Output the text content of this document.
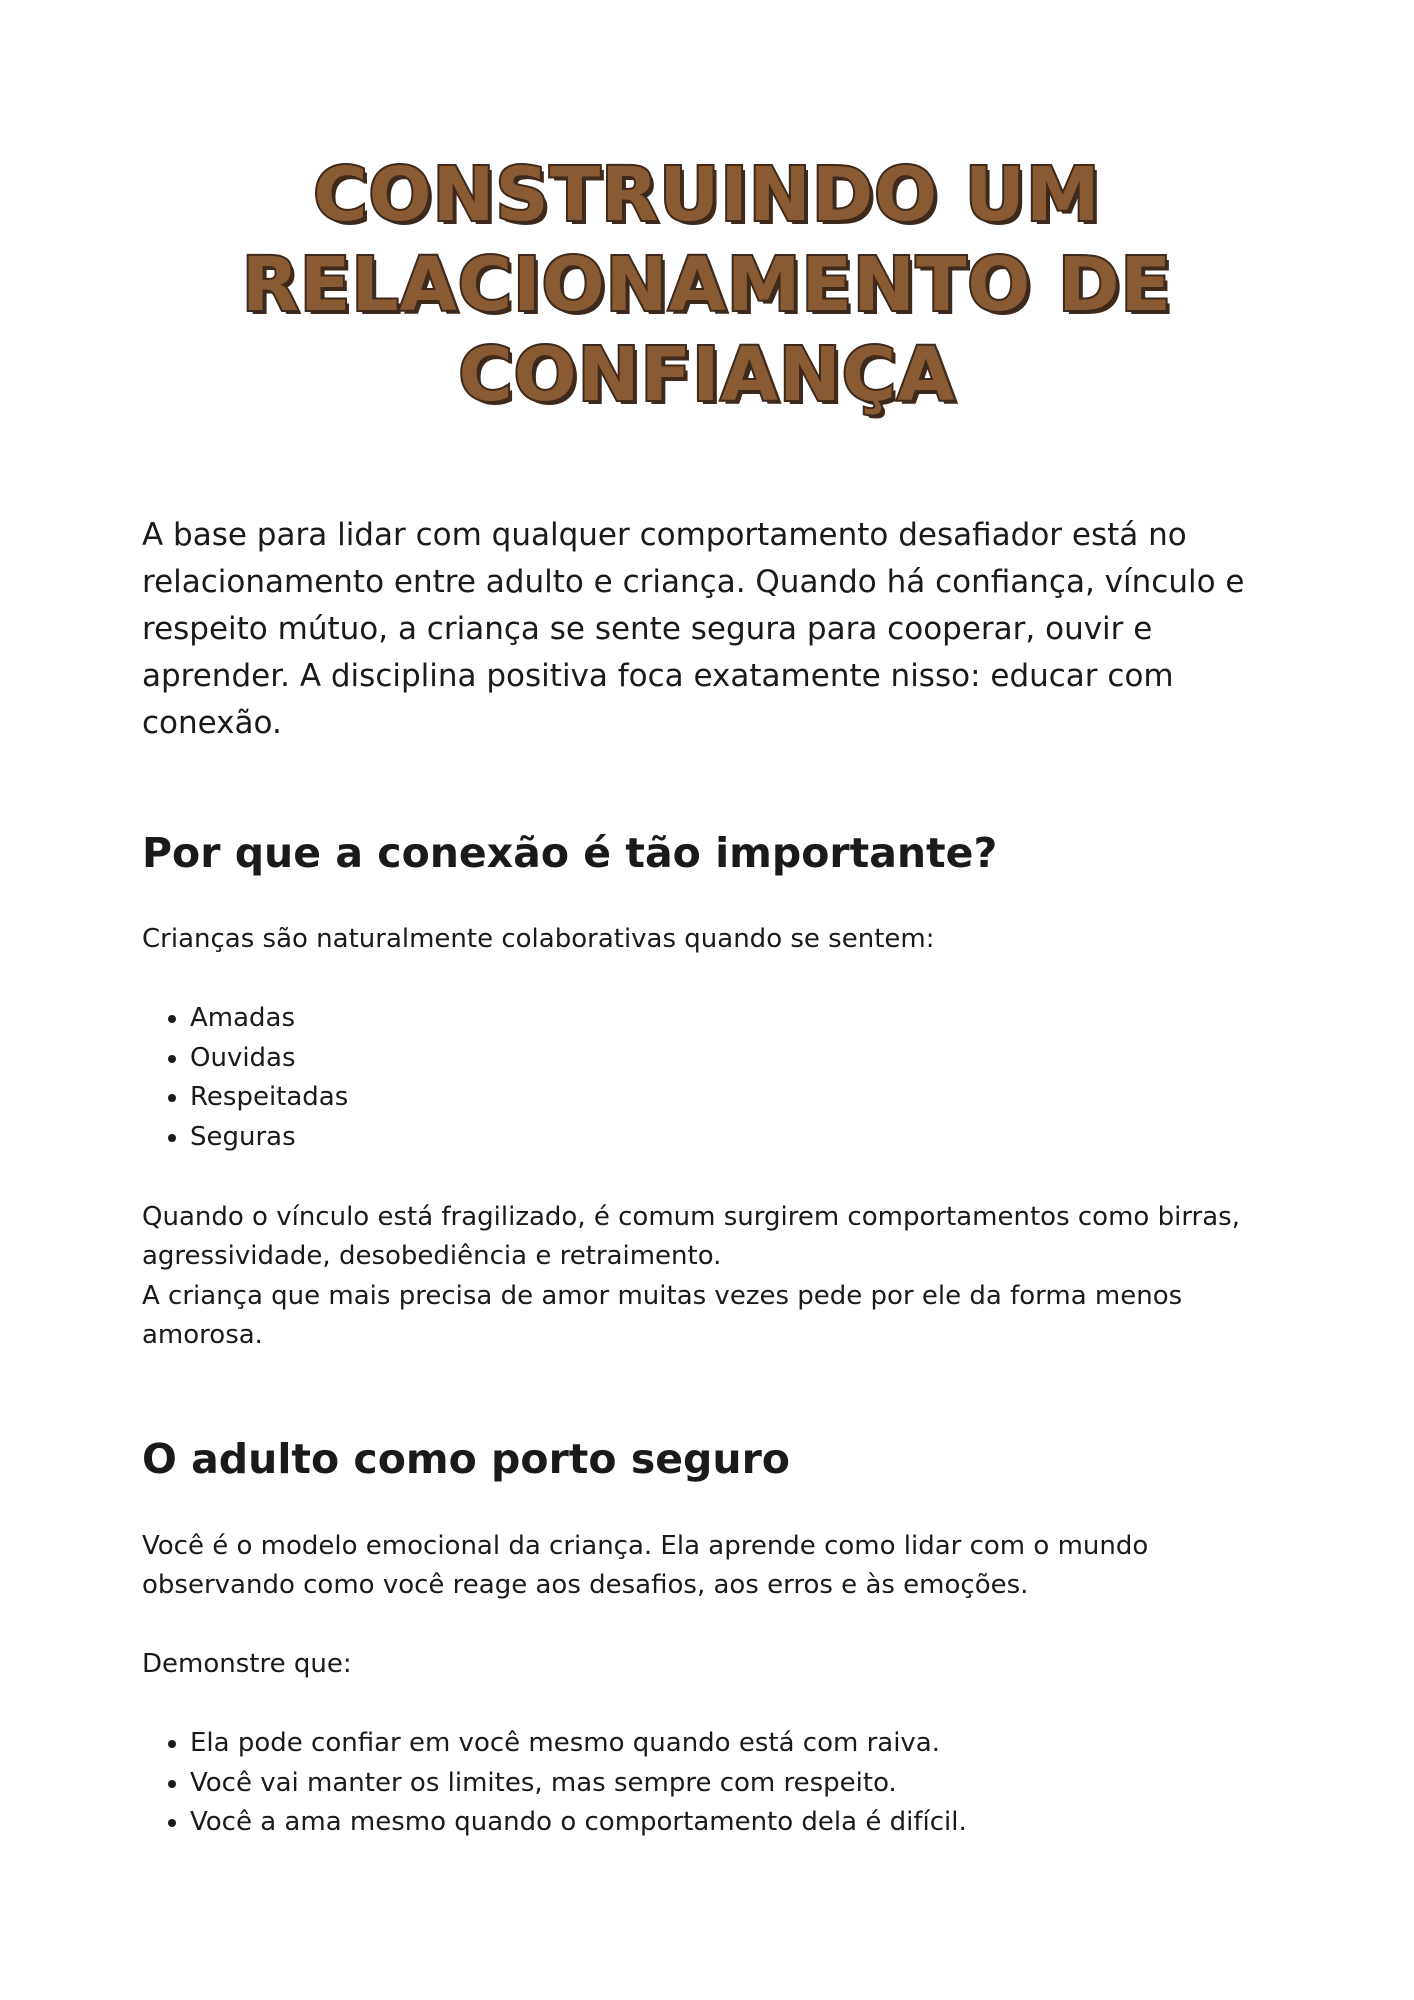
CONSTRUINDO UM
RELACIONAMENTO DE
CONFIANÇA

A base para lidar com qualquer comportamento desafiador está no relacionamento entre adulto e criança. Quando há confiança, vínculo e respeito mútuo, a criança se sente segura para cooperar, ouvir e aprender. A disciplina positiva foca exatamente nisso: educar com conexão.

Por que a conexão é tão importante?

Crianças são naturalmente colaborativas quando se sentem:

• Amadas
• Ouvidas
• Respeitadas
• Seguras

Quando o vínculo está fragilizado, é comum surgirem comportamentos como birras, agressividade, desobediência e retraimento.

A criança que mais precisa de amor muitas vezes pede por ele da forma menos amorosa.

O adulto como porto seguro

Você é o modelo emocional da criança. Ela aprende como lidar com o mundo observando como você reage aos desafios, aos erros e às emoções.

Demonstre que:

• Ela pode confiar em você mesmo quando está com raiva.
• Você vai manter os limites, mas sempre com respeito.
• Você a ama mesmo quando o comportamento dela é difícil.
